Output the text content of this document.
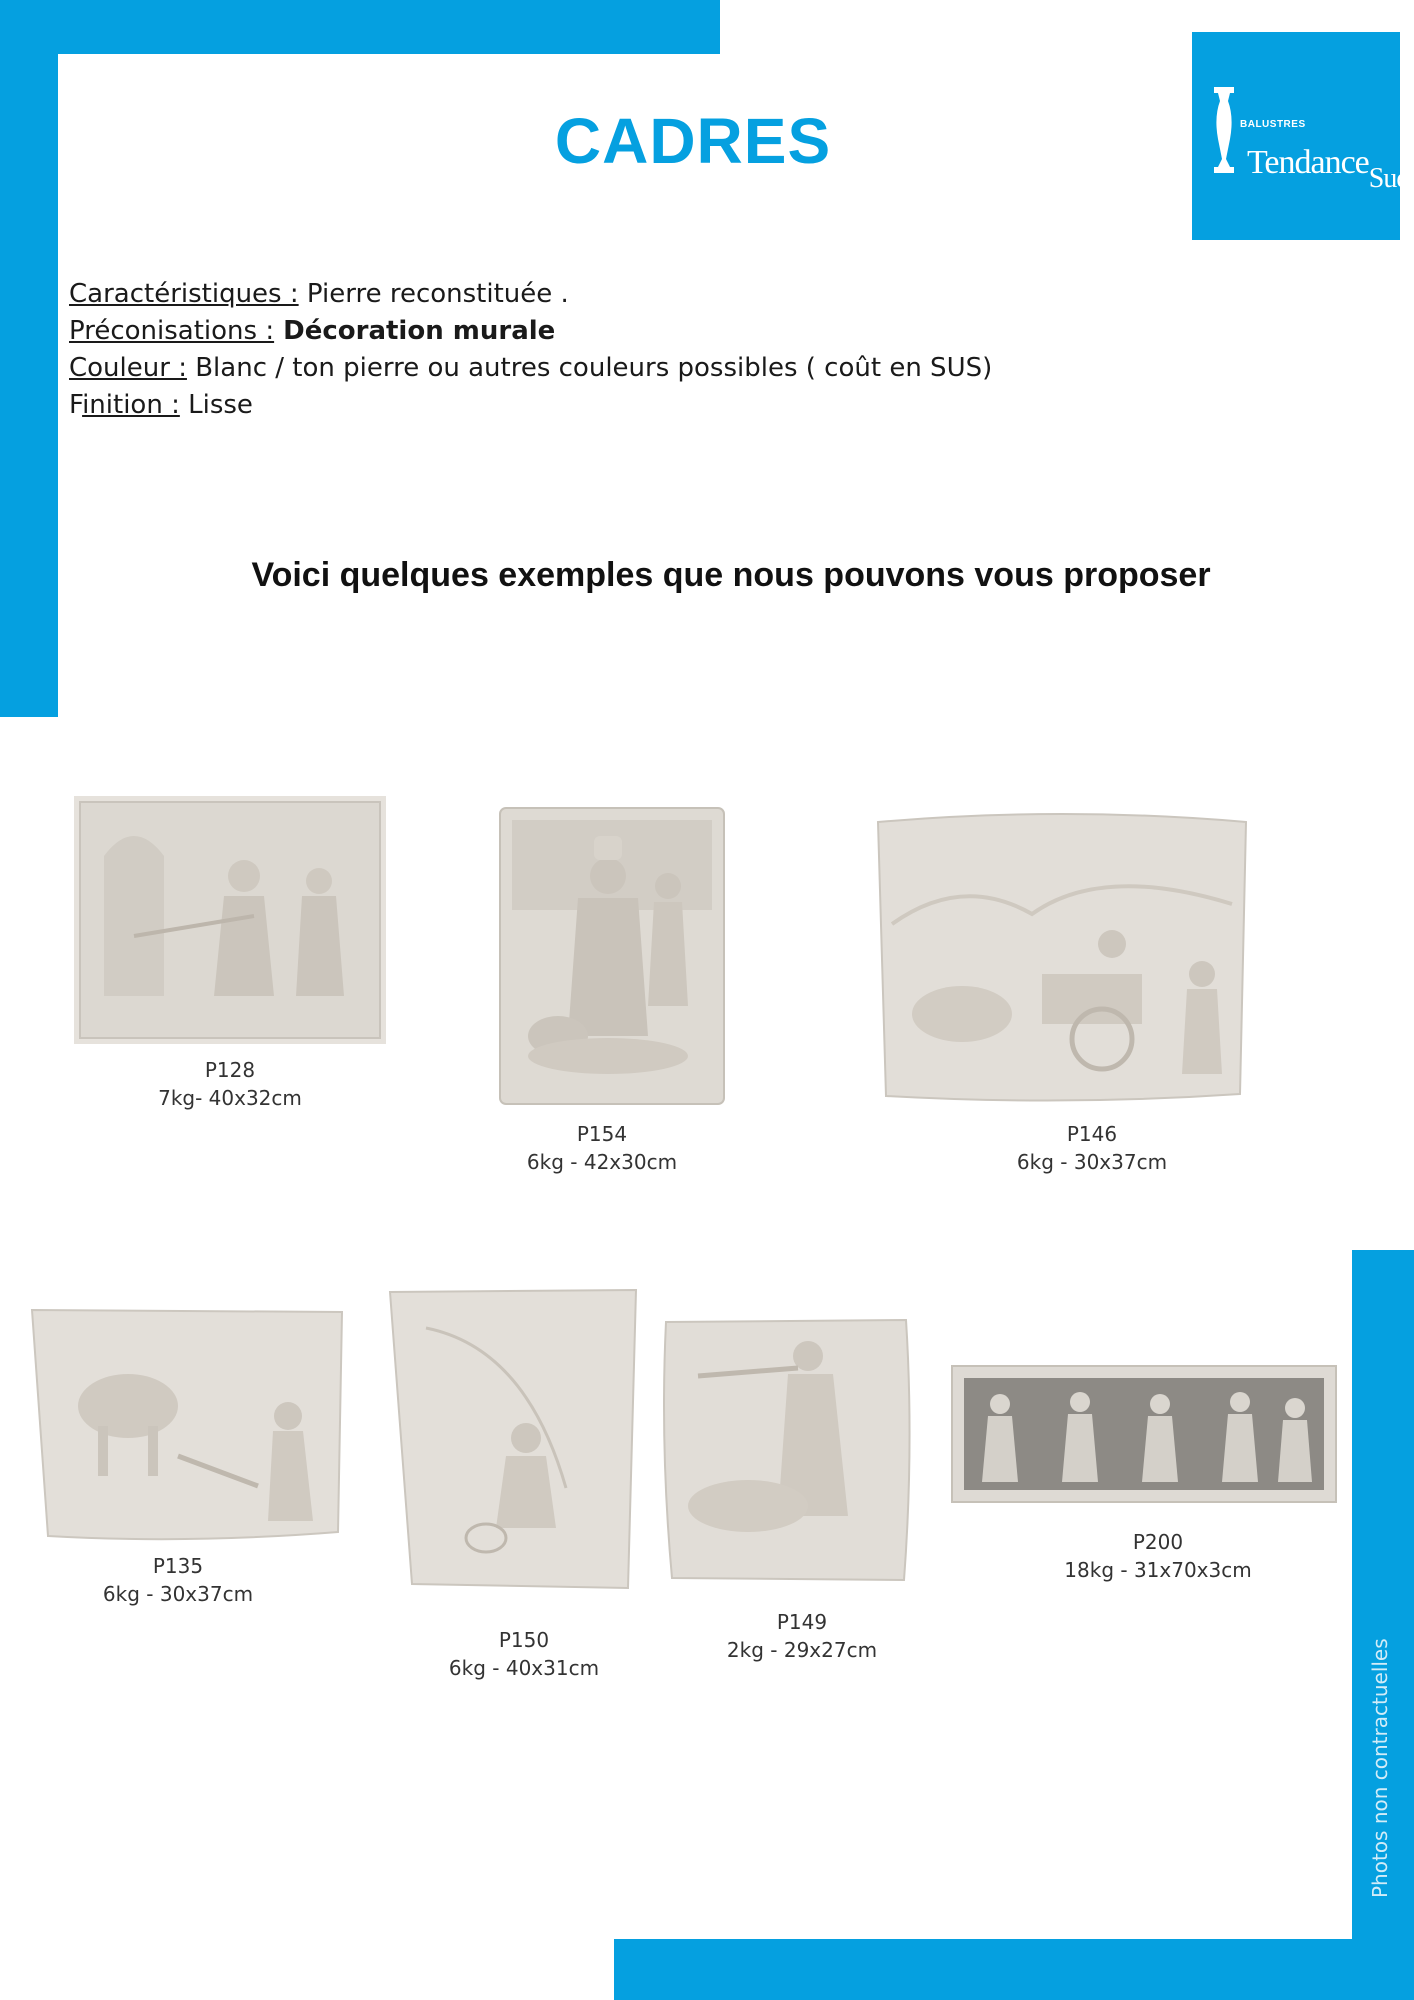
BALUSTRES
Tendance$_{Sud}$
CADRES
Caractéristiques : Pierre reconstituée .
Préconisations : Décoration murale
Couleur : Blanc / ton pierre ou autres couleurs possibles ( coût en SUS)
Finition : Lisse
Voici quelques exemples que nous pouvons vous proposer
P128
7kg- 40x32cm
P154
6kg - 42x30cm
P146
6kg - 30x37cm
P135
6kg - 30x37cm
P150
6kg - 40x31cm
P149
2kg - 29x27cm
P200
18kg - 31x70x3cm
Photos non contractuelles
